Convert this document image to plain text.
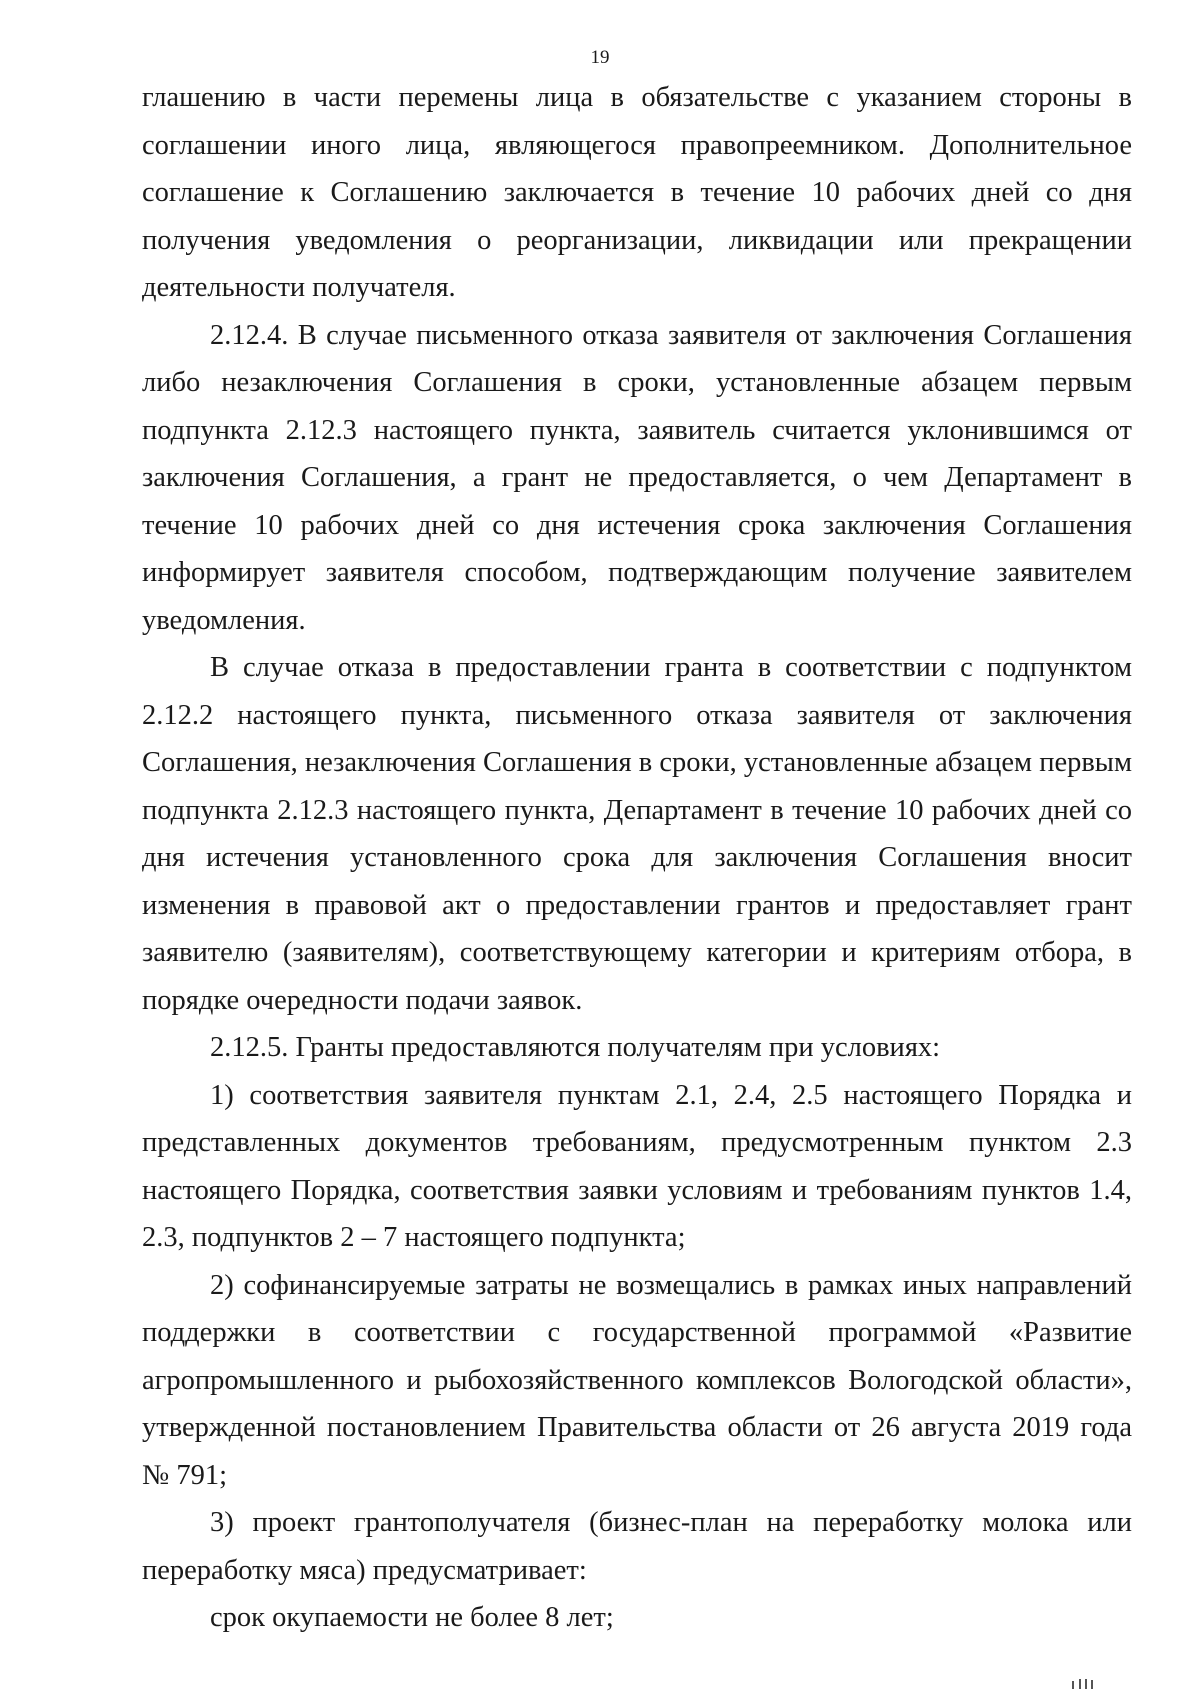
19

глашению в части перемены лица в обязательстве с указанием стороны в соглашении иного лица, являющегося правопреемником. Дополнительное соглашение к Соглашению заключается в течение 10 рабочих дней со дня получения уведомления о реорганизации, ликвидации или прекращении деятельности получателя.

2.12.4. В случае письменного отказа заявителя от заключения Соглашения либо незаключения Соглашения в сроки, установленные абзацем первым подпункта 2.12.3 настоящего пункта, заявитель считается уклонившимся от заключения Соглашения, а грант не предоставляется, о чем Департамент в течение 10 рабочих дней со дня истечения срока заключения Соглашения информирует заявителя способом, подтверждающим получение заявителем уведомления.

В случае отказа в предоставлении гранта в соответствии с подпунктом 2.12.2 настоящего пункта, письменного отказа заявителя от заключения Соглашения, незаключения Соглашения в сроки, установленные абзацем первым подпункта 2.12.3 настоящего пункта, Департамент в течение 10 рабочих дней со дня истечения установленного срока для заключения Соглашения вносит изменения в правовой акт о предоставлении грантов и предоставляет грант заявителю (заявителям), соответствующему категории и критериям отбора, в порядке очередности подачи заявок.

2.12.5. Гранты предоставляются получателям при условиях:

1) соответствия заявителя пунктам 2.1, 2.4, 2.5 настоящего Порядка и представленных документов требованиям, предусмотренным пунктом 2.3 настоящего Порядка, соответствия заявки условиям и требованиям пунктов 1.4, 2.3, подпунктов 2 – 7 настоящего подпункта;

2) софинансируемые затраты не возмещались в рамках иных направлений поддержки в соответствии с государственной программой «Развитие агропромышленного и рыбохозяйственного комплексов Вологодской области», утвержденной постановлением Правительства области от 26 августа 2019 года № 791;

3) проект грантополучателя (бизнес-план на переработку молока или переработку мяса) предусматривает:

срок окупаемости не более 8 лет;
